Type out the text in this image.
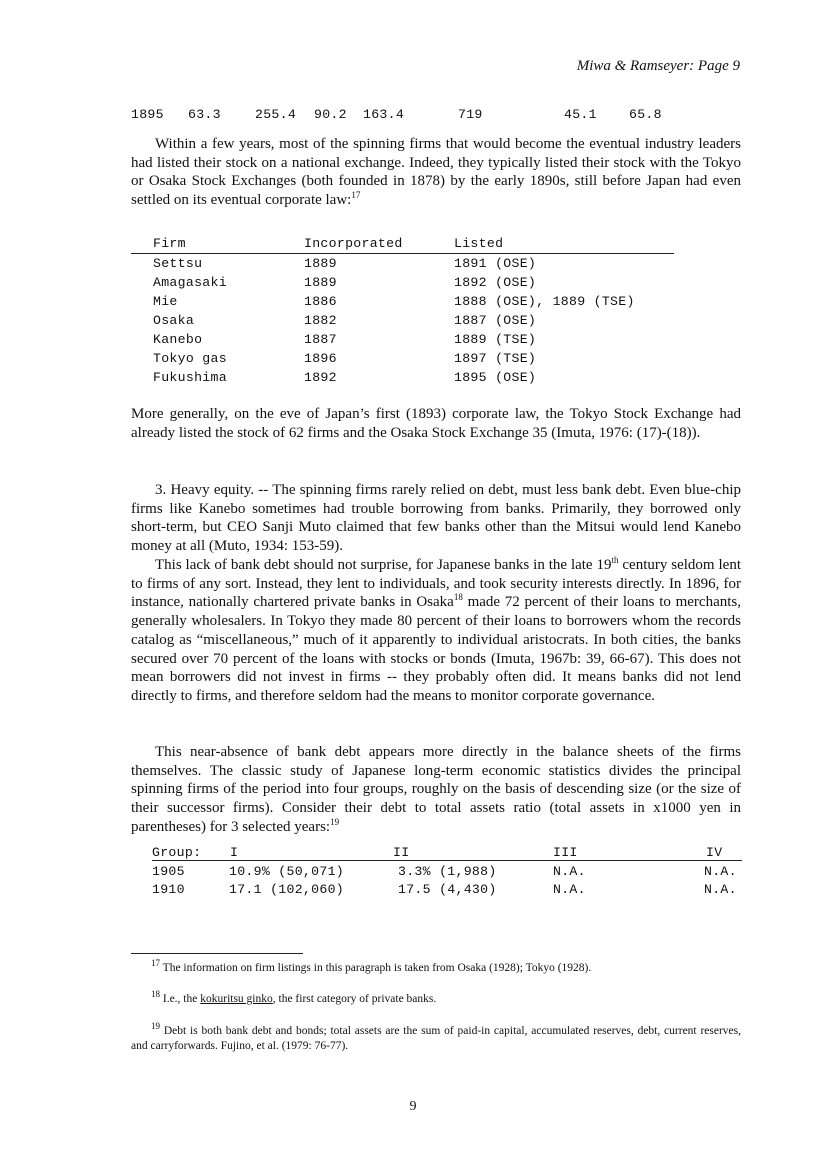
Miwa & Ramseyer: Page 9
1895 63.3	255.4 90.2 163.4	719	45.1 65.8
Within a few years, most of the spinning firms that would become the eventual industry leaders had listed their stock on a national exchange. Indeed, they typically listed their stock with the Tokyo or Osaka Stock Exchanges (both founded in 1878) by the early 1890s, still before Japan had even settled on its eventual corporate law:$^{17}$
Firm	Incorporated	Listed
Settsu	1889	1891 (OSE)
Amagasaki	1889	1892 (OSE)
Mie	1886	1888 (OSE), 1889 (TSE)
Osaka	1882	1887 (OSE)
Kanebo	1887	1889 (TSE)
Tokyo gas	1896	1897 (TSE)
Fukushima	1892	1895 (OSE)
More generally, on the eve of Japan’s first (1893) corporate law, the Tokyo Stock Exchange had already listed the stock of 62 firms and the Osaka Stock Exchange 35 (Imuta, 1976: (17)-(18)).
3. Heavy equity. -- The spinning firms rarely relied on debt, must less bank debt. Even blue-chip firms like Kanebo sometimes had trouble borrowing from banks. Primarily, they borrowed only short-term, but CEO Sanji Muto claimed that few banks other than the Mitsui would lend Kanebo money at all (Muto, 1934: 153-59).
This lack of bank debt should not surprise, for Japanese banks in the late 19th century seldom lent to firms of any sort. Instead, they lent to individuals, and took security interests directly. In 1896, for instance, nationally chartered private banks in Osaka$^{18}$ made 72 percent of their loans to merchants, generally wholesalers. In Tokyo they made 80 percent of their loans to borrowers whom the records catalog as “miscellaneous,” much of it apparently to individual aristocrats. In both cities, the banks secured over 70 percent of the loans with stocks or bonds (Imuta, 1967b: 39, 66-67). This does not mean borrowers did not invest in firms -- they probably often did. It means banks did not lend directly to firms, and therefore seldom had the means to monitor corporate governance.
This near-absence of bank debt appears more directly in the balance sheets of the firms themselves. The classic study of Japanese long-term economic statistics divides the principal spinning firms of the period into four groups, roughly on the basis of descending size (or the size of their successor firms). Consider their debt to total assets ratio (total assets in x1000 yen in parentheses) for 3 selected years:$^{19}$
Group: I	II	III	IV
1905	10.9% (50,071)	3.3% (1,988)	N.A.	N.A.
1910	17.1 (102,060)	17.5 (4,430)	N.A.	N.A.
$^{17}$ The information on firm listings in this paragraph is taken from Osaka (1928); Tokyo (1928).
$^{18}$ I.e., the kokuritsu ginko, the first category of private banks.
$^{19}$ Debt is both bank debt and bonds; total assets are the sum of paid-in capital, accumulated reserves, debt, current reserves, and carryforwards. Fujino, et al. (1979: 76-77).
9
